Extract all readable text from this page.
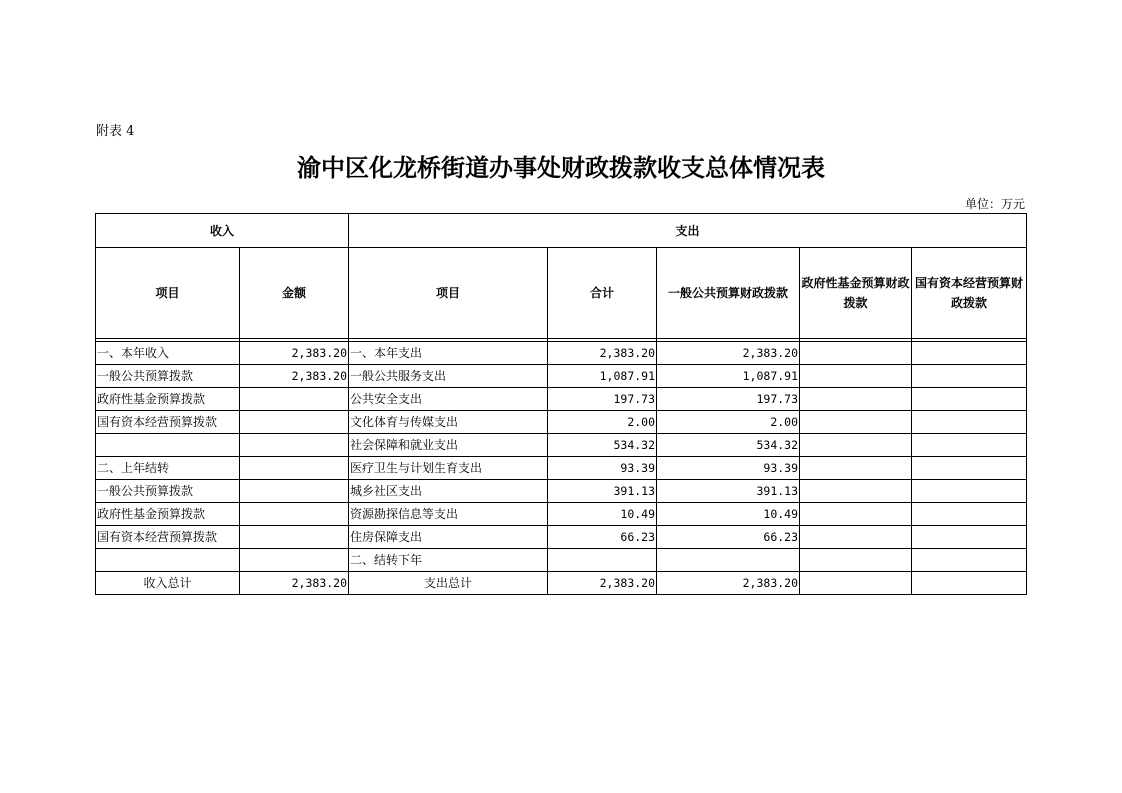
附表 4
渝中区化龙桥街道办事处财政拨款收支总体情况表
单位：万元
收入		支出				
项目	金额	项目	合计	一般公共预算财政拨款	政府性基金预算财政拨款	国有资本经营预算财政拨款

一、本年收入	2,383.20	一、本年支出	2,383.20	2,383.20		
一般公共预算拨款	2,383.20	一般公共服务支出	1,087.91	1,087.91		
政府性基金预算拨款		公共安全支出	197.73	197.73		
国有资本经营预算拨款		文化体育与传媒支出	2.00	2.00		
		社会保障和就业支出	534.32	534.32		
二、上年结转		医疗卫生与计划生育支出	93.39	93.39		
一般公共预算拨款		城乡社区支出	391.13	391.13		
政府性基金预算拨款		资源勘探信息等支出	10.49	10.49		
国有资本经营预算拨款		住房保障支出	66.23	66.23		
		二、结转下年				
收入总计	2,383.20	支出总计	2,383.20	2,383.20		
